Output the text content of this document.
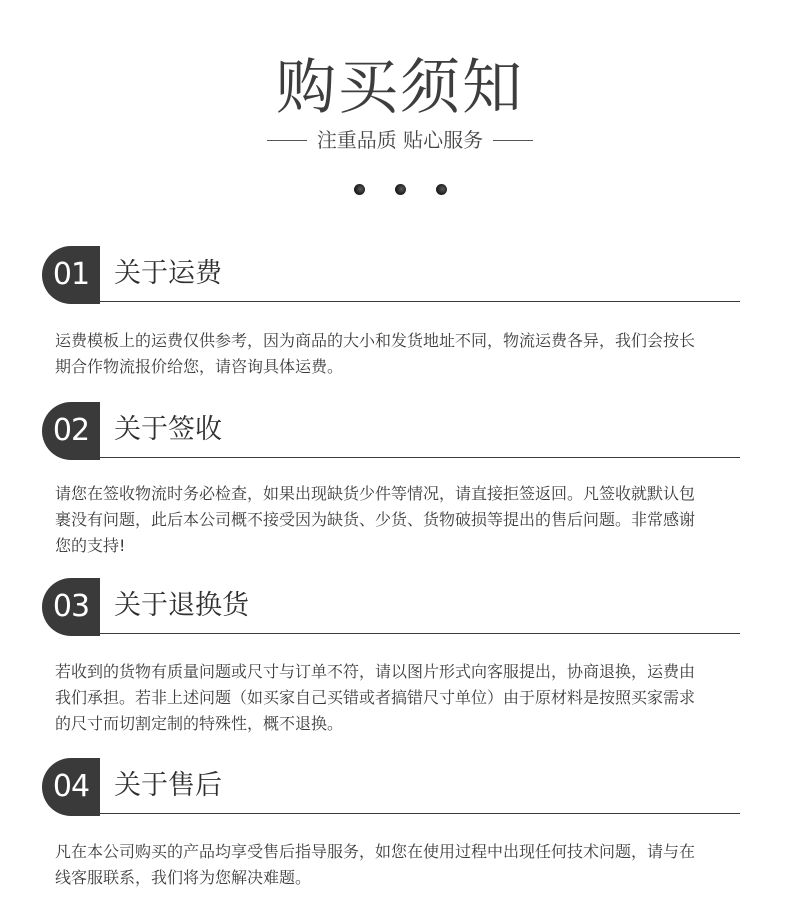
购买须知
注重品质 贴心服务
01 关于运费
运费模板上的运费仅供参考，因为商品的大小和发货地址不同，物流运费各异，我们会按长
期合作物流报价给您，请咨询具体运费。
02 关于签收
请您在签收物流时务必检查，如果出现缺货少件等情况，请直接拒签返回。凡签收就默认包
裹没有问题，此后本公司概不接受因为缺货、少货、货物破损等提出的售后问题。非常感谢
您的支持!
03 关于退换货
若收到的货物有质量问题或尺寸与订单不符，请以图片形式向客服提出，协商退换，运费由
我们承担。若非上述问题（如买家自己买错或者搞错尺寸单位）由于原材料是按照买家需求
的尺寸而切割定制的特殊性，概不退换。
04 关于售后
凡在本公司购买的产品均享受售后指导服务，如您在使用过程中出现任何技术问题，请与在
线客服联系，我们将为您解决难题。
